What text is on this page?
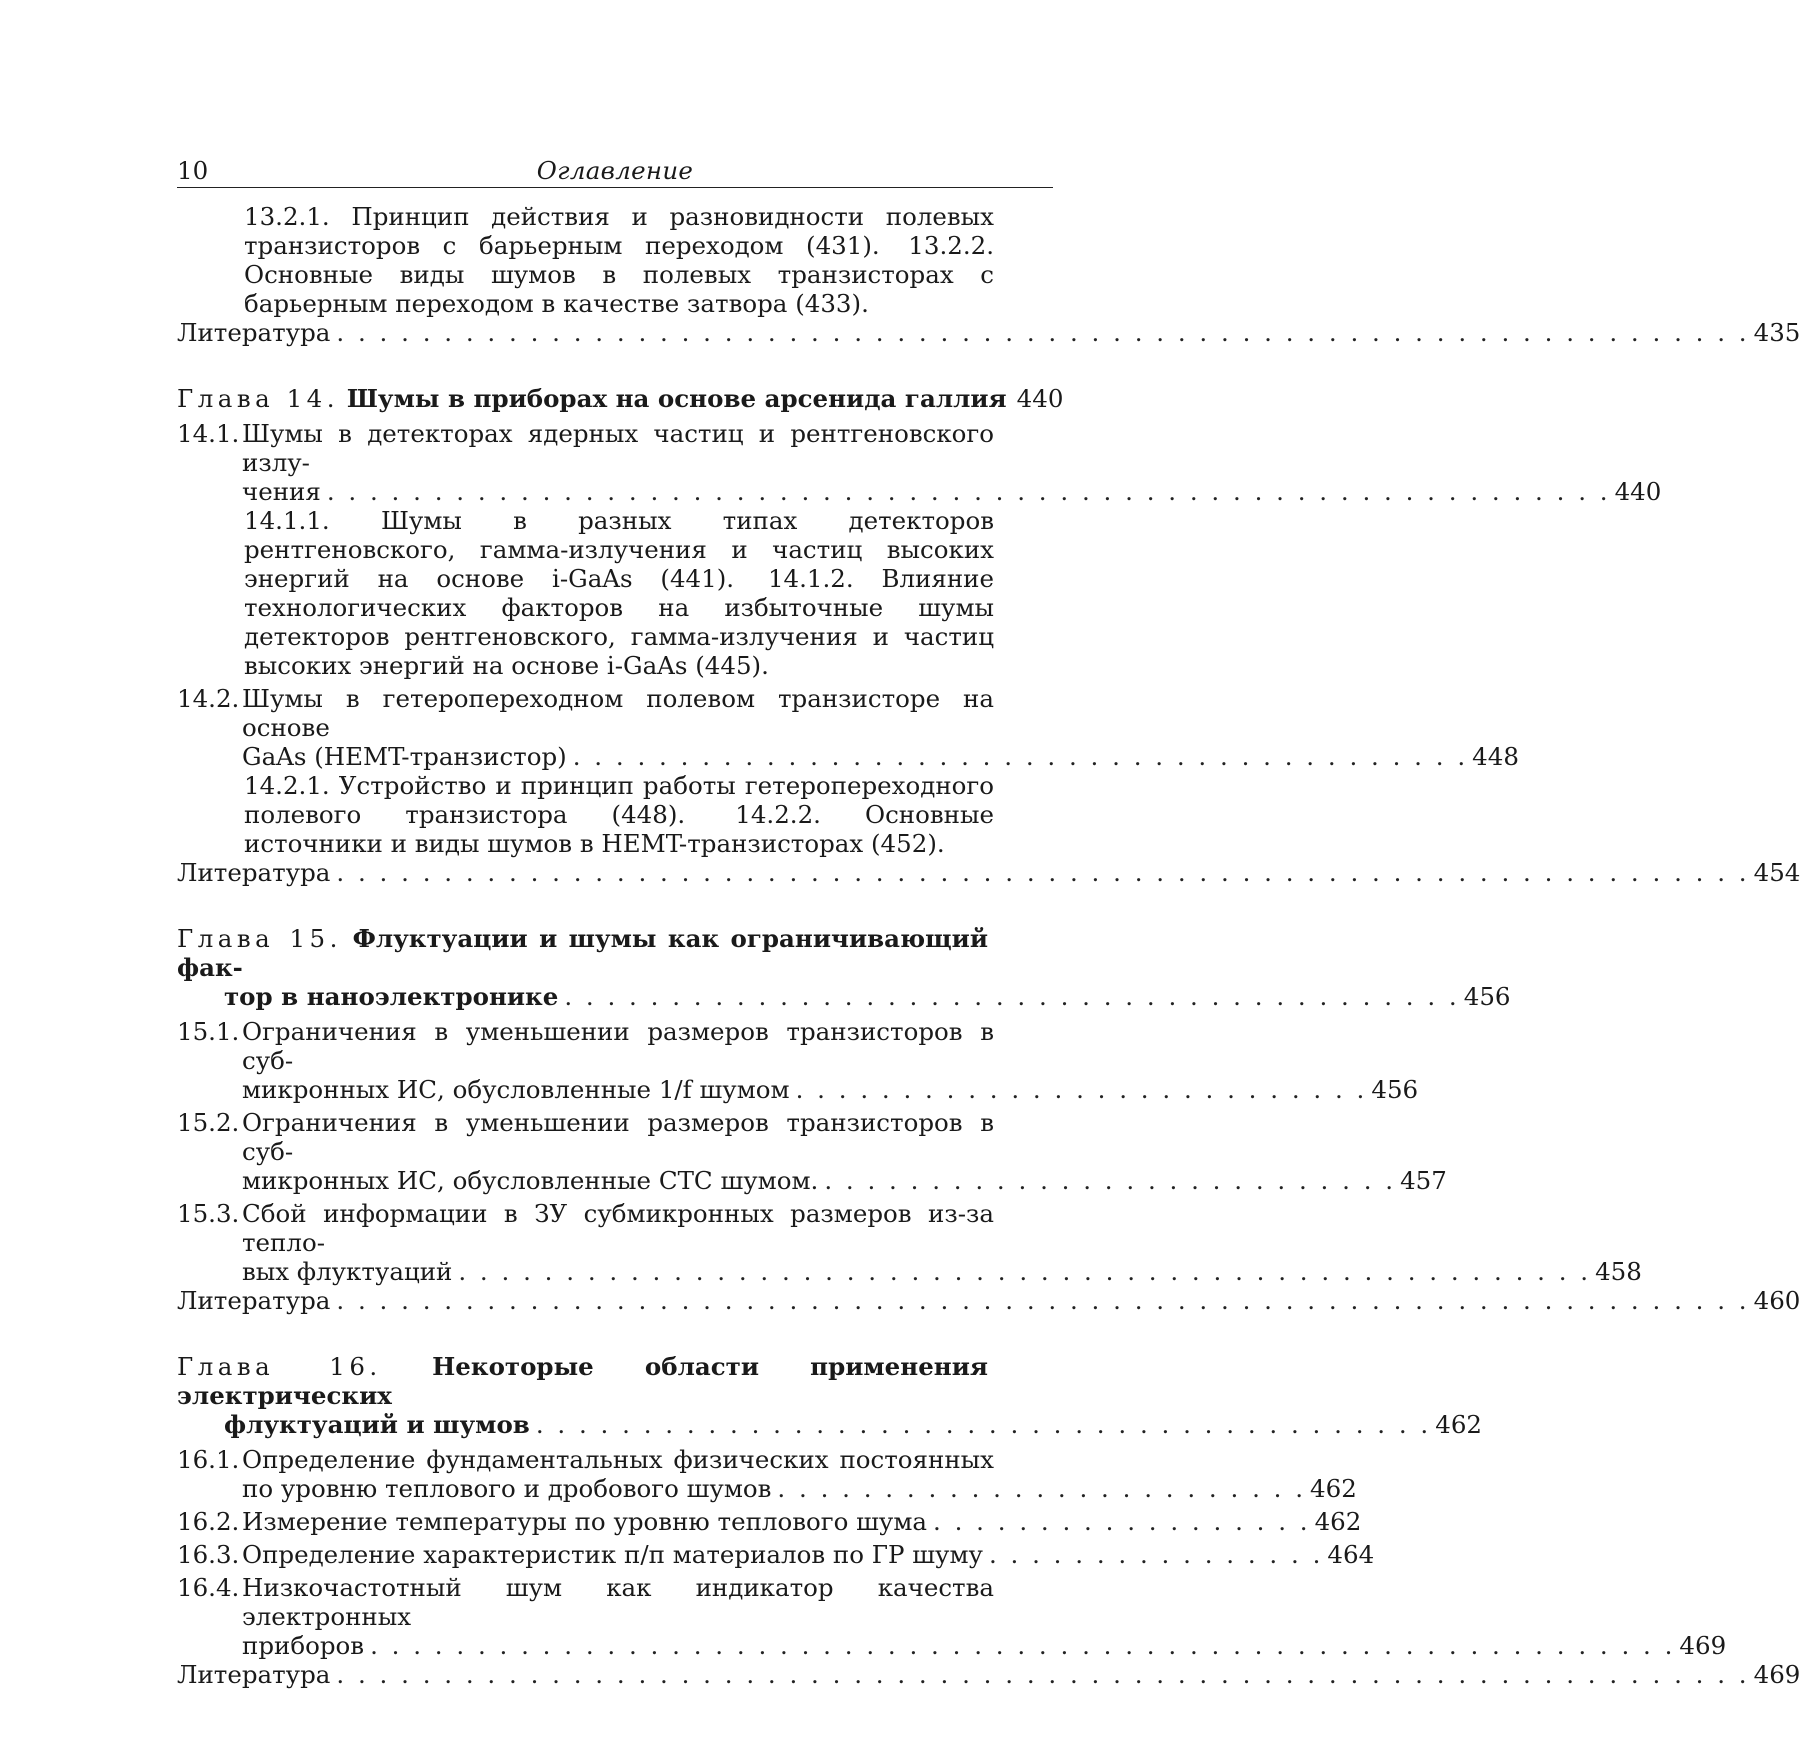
10	Оглавление
13.2.1. Принцип действия и разновидности полевых транзисторов с барьерным переходом (431). 13.2.2. Основные виды шумов в полевых транзисторах с барьерным переходом в качестве затвора (433).
Литература . . . . . . . . . . . . . . . . . . . . . . . . . . . . . . . . . . . . . . . . . . . . . . . . . . . . . . . . . . . . . . . . . . 435
Глава 14. Шумы в приборах на основе арсенида галлия 440
14.1. Шумы в детекторах ядерных частиц и рентгеновского излу-
чения . . . . . . . . . . . . . . . . . . . . . . . . . . . . . . . . . . . . . . . . . . . . . . . . . . . . . . . . . . . . 440
14.1.1. Шумы в разных типах детекторов рентгеновского, гамма-излучения и частиц высоких энергий на основе i-GaAs (441). 14.1.2. Влияние технологических факторов на избыточные шумы детекторов рентгеновского, гамма-излучения и частиц высоких энергий на основе i-GaAs (445).
14.2. Шумы в гетеропереходном полевом транзисторе на основе
GaAs (HEMT-транзистор) . . . . . . . . . . . . . . . . . . . . . . . . . . . . . . . . . . . . . . . . . . 448
14.2.1. Устройство и принцип работы гетеропереходного полевого транзистора (448). 14.2.2. Основные источники и виды шумов в HEMT-транзисторах (452).
Литература . . . . . . . . . . . . . . . . . . . . . . . . . . . . . . . . . . . . . . . . . . . . . . . . . . . . . . . . . . . . . . . . . . 454
Глава 15. Флуктуации и шумы как ограничивающий фак-
тор в наноэлектронике . . . . . . . . . . . . . . . . . . . . . . . . . . . . . . . . . . . . . . . . . . 456
15.1. Ограничения в уменьшении размеров транзисторов в суб-
микронных ИС, обусловленные 1/f шумом . . . . . . . . . . . . . . . . . . . . . . . . . . . 456
15.2. Ограничения в уменьшении размеров транзисторов в суб-
микронных ИС, обусловленные СТС шумом. . . . . . . . . . . . . . . . . . . . . . . . . . . . 457
15.3. Сбой информации в ЗУ субмикронных размеров из-за тепло-
вых флуктуаций . . . . . . . . . . . . . . . . . . . . . . . . . . . . . . . . . . . . . . . . . . . . . . . . . . . . . 458
Литература . . . . . . . . . . . . . . . . . . . . . . . . . . . . . . . . . . . . . . . . . . . . . . . . . . . . . . . . . . . . . . . . . . 460
Глава 16. Некоторые области применения электрических
флуктуаций и шумов . . . . . . . . . . . . . . . . . . . . . . . . . . . . . . . . . . . . . . . . . . 462
16.1. Определение фундаментальных физических постоянных
по уровню теплового и дробового шумов . . . . . . . . . . . . . . . . . . . . . . . . . 462
16.2. Измерение температуры по уровню теплового шума . . . . . . . . . . . . . . . . . . 462
16.3. Определение характеристик п/п материалов по ГР шуму . . . . . . . . . . . . . . . . 464
16.4. Низкочастотный шум как индикатор качества электронных
приборов . . . . . . . . . . . . . . . . . . . . . . . . . . . . . . . . . . . . . . . . . . . . . . . . . . . . . . . . . . . . . 469
Литература . . . . . . . . . . . . . . . . . . . . . . . . . . . . . . . . . . . . . . . . . . . . . . . . . . . . . . . . . . . . . . . . . . 469
